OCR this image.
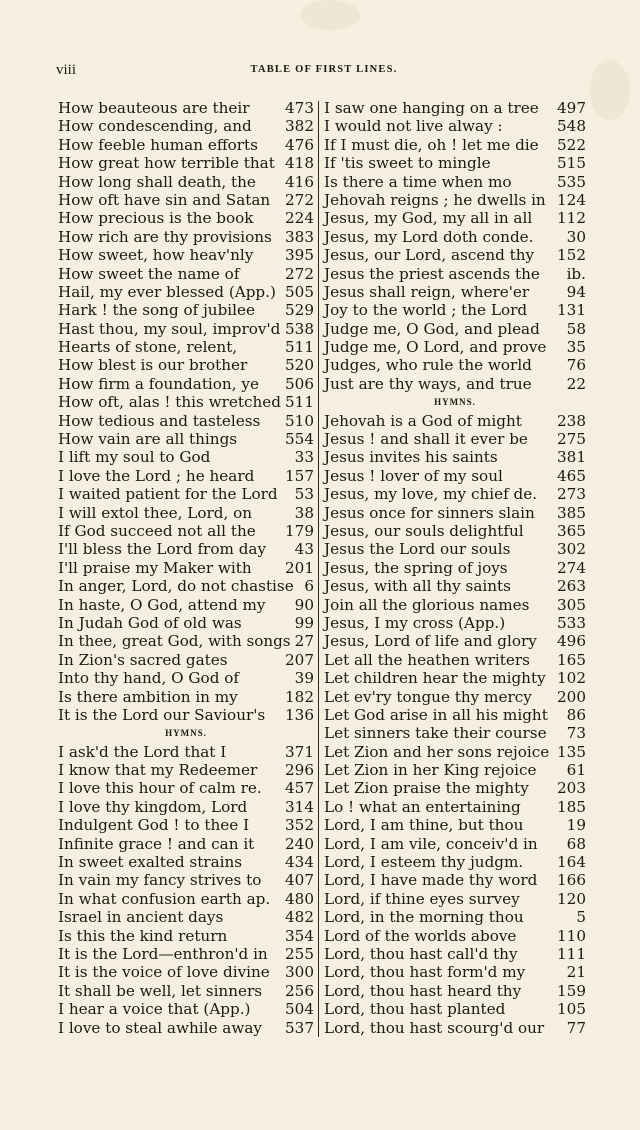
viii	TABLE OF FIRST LINES.
How beauteous are their 473
How condescending, and 382
How feeble human efforts 476
How great how terrible that 418
How long shall death, the 416
How oft have sin and Satan 272
How precious is the book 224
How rich are thy provisions 383
How sweet, how heav'nly 395
How sweet the name of	272
Hail, my ever blessed (App.) 505
Hark ! the song of jubilee 529
Hast thou, my soul, improv'd 538
Hearts of stone, relent,	511
How blest is our brother 520
How firm a foundation, ye 506
How oft, alas ! this wretched 511
How tedious and tasteless 510
How vain are all things	554
I lift my soul to God	33
I love the Lord ; he heard 157
I waited patient for the Lord 53
I will extol thee, Lord, on	38
If God succeed not all the 179
I'll bless the Lord from day 43
I'll praise my Maker with 201
In anger, Lord, do not chastise 6
In haste, O God, attend my 90
In Judah God of old was	99
In thee, great God, with songs 27
In Zion's sacred gates	207
Into thy hand, O God of	39
Is there ambition in my	182
It is the Lord our Saviour's 136
HYMNS.
I ask'd the Lord that I	371
I know that my Redeemer 296
I love this hour of calm re. 457
I love thy kingdom, Lord 314
Indulgent God ! to thee I 352
Infinite grace ! and can it 240
In sweet exalted strains	434
In vain my fancy strives to 407
In what confusion earth ap. 480
Israel in ancient days	482
Is this the kind return	354
It is the Lord—enthron'd in 255
It is the voice of love divine 300
It shall be well, let sinners 256
I hear a voice that (App.) 504
I love to steal awhile away 537
I saw one hanging on a tree 497
I would not live alway :	548
If I must die, oh ! let me die 522
If 'tis sweet to mingle	515
Is there a time when mo	535
Jehovah reigns ; he dwells in 124
Jesus, my God, my all in all 112
Jesus, my Lord doth conde. 30
Jesus, our Lord, ascend thy 152
Jesus the priest ascends the ib.
Jesus shall reign, where'er 94
Joy to the world ; the Lord 131
Judge me, O God, and plead 58
Judge me, O Lord, and prove 35
Judges, who rule the world 76
Just are thy ways, and true 22
HYMNS.
Jehovah is a God of might 238
Jesus ! and shall it ever be 275
Jesus invites his saints	381
Jesus ! lover of my soul	465
Jesus, my love, my chief de. 273
Jesus once for sinners slain 385
Jesus, our souls delightful 365
Jesus the Lord our souls	302
Jesus, the spring of joys	274
Jesus, with all thy saints	263
Join all the glorious names 305
Jesus, I my cross (App.)	533
Jesus, Lord of life and glory 496
Let all the heathen writers 165
Let children hear the mighty 102
Let ev'ry tongue thy mercy 200
Let God arise in all his might 86
Let sinners take their course 73
Let Zion and her sons rejoice 135
Let Zion in her King rejoice 61
Let Zion praise the mighty 203
Lo ! what an entertaining 185
Lord, I am thine, but thou	19
Lord, I am vile, conceiv'd in 68
Lord, I esteem thy judgm. 164
Lord, I have made thy word 166
Lord, if thine eyes survey 120
Lord, in the morning thou	5
Lord of the worlds above	110
Lord, thou hast call'd thy	111
Lord, thou hast form'd my	21
Lord, thou hast heard thy 159
Lord, thou hast planted	105
Lord, thou hast scourg'd our 77
